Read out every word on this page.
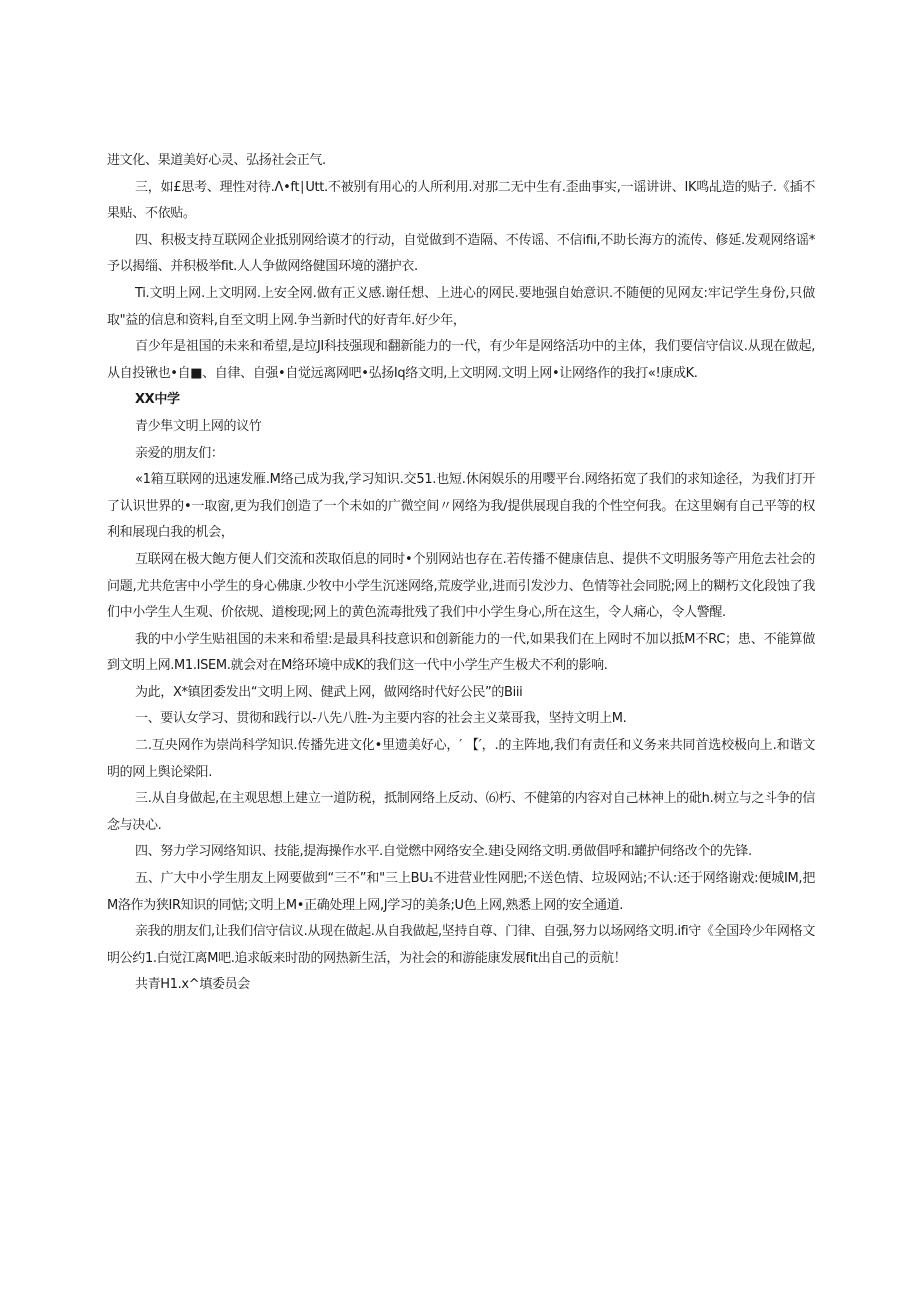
进文化、果道美好心灵、弘扬社会正气.

三，如£思考、理性对待.Λ•ft∣Utt.不被别有用心的人所利用.对那二无中生有.歪曲事实,一谣讲讲、IK鸣乩造的贴子.《插不果贴、不依贴。

四、积极支持互联网企业抵别网给谟才的行动，自觉做到不造隔、不传谣、不信ifii,不助长海方的流传、修延.发观网络谣*予以揭缁、并积极举fit.人人争做网络健国环境的潴护衣.

Ti.文明上网.上文明网.上安全网.做有正义感.谢任想、上进心的网民.要地强自始意识.不随便的见网友:牢记学生身份,只做取"益的信息和资料,自至文明上网.争当新时代的好青年.好少年，

百少年是祖国的未来和希望,是垃JI科技强现和翻新能力的一代，有少年是网络活功中的主体，我们要信守信议.从现在做起,从自投锹也•自■、自律、自强•自觉远离网吧•弘扬Iq络文明,上文明网.文明上网•让网络作的我打«!康成K.

XX中学

青少隼文明上网的议竹

亲爱的朋友们：

«1箱互联网的迅速发雁.M络己成为我,学习知识.交51.也短.休闲娱乐的用嘤平台.网络拓宽了我们的求知途径，为我们打开了认识世界的•一取窗,更为我们创造了一个未如的广微空间〃网络为我/提供展现自我的个性空何我。在这里娴有自己平等的权利和展现白我的机会，

互联网在极大飽方便人们交流和茨取佰息的同时•个别网站也存在.若传播不健康佶息、提供不文明服务等产用危去社会的问题,尤共危害中小学生的身心佛康.少牧中小学生沉迷网络,荒废学业,进而引发沙力、色情等社会同脱;网上的糊朽文化段蚀了我们中小学生人生观、价依规、道梭现;网上的黄色流毒批残了我们中小学生身心,所在这生，令人痛心，令人警醒.

我的中小学生贴祖国的未来和希望:是最具科技意识和创新能力的一代,如果我们在上网时不加以抵M不RC；患、不能算做到文明上网.M1.ISEM.就会对在M络环境中成K的我们这一代中小学生产生极犬不利的影响.

为此，X*镇团委发出“文明上网、健武上网，做网络时代好公民”的Biii

一、要认女学习、贯彻和践行以-八先八胜-为主要内容的社会主义菜哥我，坚持文明上M.

二.互央网作为崇尚科学知识.传播先进文化•里遗美好心，′ 【′，.的主阵地,我们有责任和义务来共同首选校极向上.和谐文明的网上舆论梁阳.

三.从自身做起,在主观思想上建立一道防税，抵制网络上反动、⑹朽、不健第的内容对自己林神上的砒h.树立与之斗争的信念与决心.

四、努力学习网络知识、技能,提海操作水平.自觉燃中网络安全.建i殳网络文明.勇做倡呼和罐护伺络改个的先锋.

五、广大中小学生朋友上网要做到“三不”和"三上BU₁不进营业性网肥;不送色情、垃圾网站;不认:还于网络谢戏:便城IM,把M洛作为狭IR知识的同惦;文明上M•正确处理上网,J学习的美条;U色上网,熟悉上网的安全通道.

亲我的朋友们,让我们信守信议.从现在做起.从自我做起,坚持自尊、门律、自强,努力以场网络文明.ifi守《全国玲少年网格文明公约1.白觉江离M吧.追求皈来时劭的网热新生活，为社会的和游能康发展fit出自己的贡航！

共青H1.x^填委员会
